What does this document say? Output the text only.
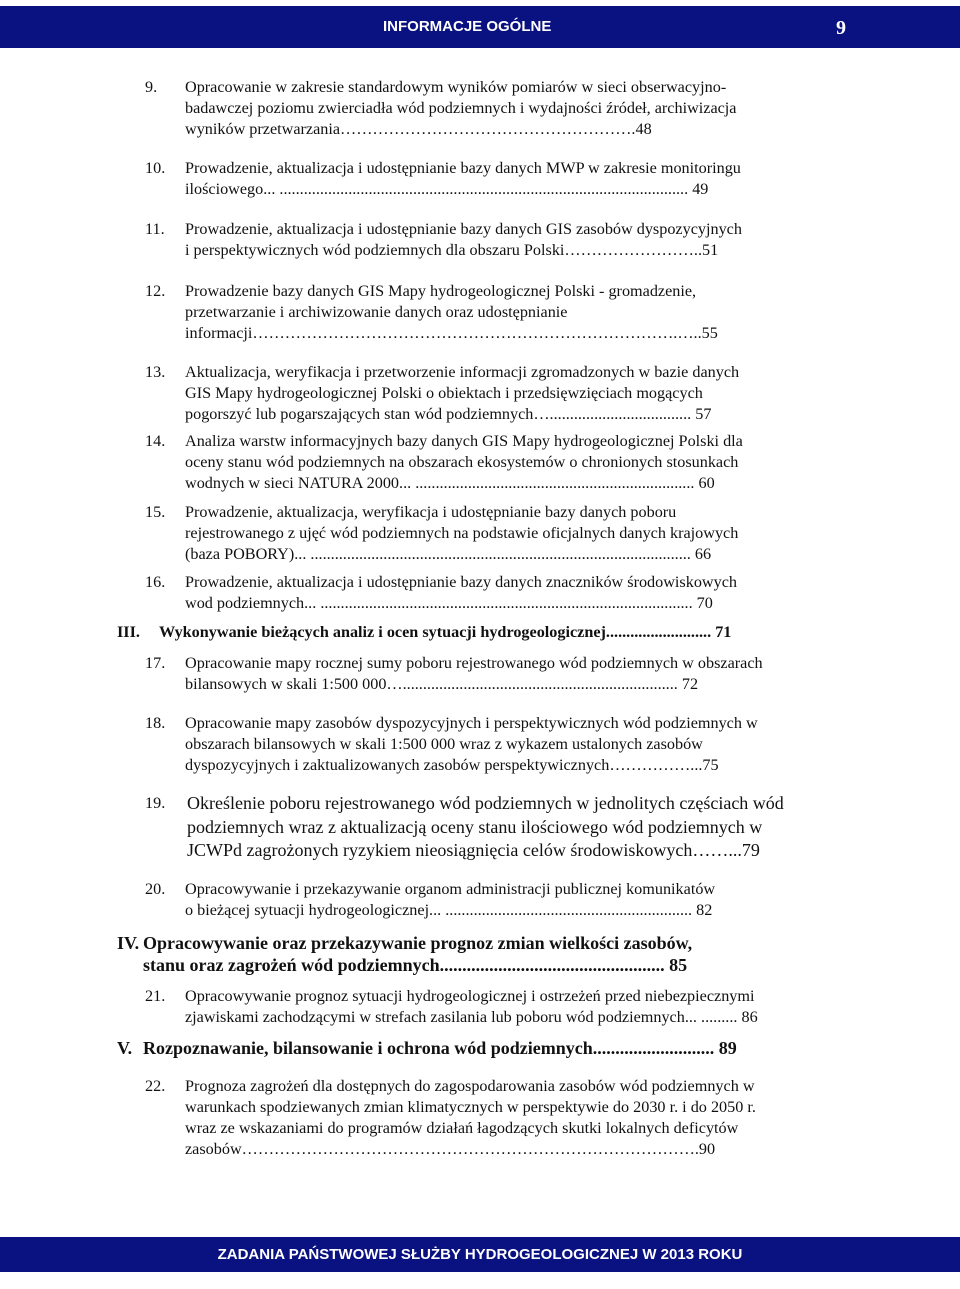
INFORMACJE OGÓLNE	9
9. Opracowanie w zakresie standardowym wyników pomiarów w sieci obserwacyjno-
badawczej poziomu zwierciadła wód podziemnych i wydajności źródeł, archiwizacja
wyników przetwarzania……………………………………………….48
10. Prowadzenie, aktualizacja i udostępnianie bazy danych MWP w zakresie monitoringu
ilościowego... ..................................................................................................... 49
11. Prowadzenie, aktualizacja i udostępnianie bazy danych GIS zasobów dyspozycyjnych
i perspektywicznych wód podziemnych dla obszaru Polski……………………..51
12. Prowadzenie bazy danych GIS Mapy hydrogeologicznej Polski - gromadzenie,
przetwarzanie i archiwizowanie danych oraz udostępnianie
informacji…………………………………………………………………….…..55
13. Aktualizacja, weryfikacja i przetworzenie informacji zgromadzonych w bazie danych
GIS Mapy hydrogeologicznej Polski o obiektach i przedsięwzięciach mogących
pogorszyć lub pogarszających stan wód podziemnych…................................... 57
14. Analiza warstw informacyjnych bazy danych GIS Mapy hydrogeologicznej Polski dla
oceny stanu wód podziemnych na obszarach ekosystemów o chronionych stosunkach
wodnych w sieci NATURA 2000... ..................................................................... 60
15. Prowadzenie, aktualizacja, weryfikacja i udostępnianie bazy danych poboru
rejestrowanego z ujęć wód podziemnych na podstawie oficjalnych danych krajowych
(baza POBORY)... .............................................................................................. 66
16. Prowadzenie, aktualizacja i udostępnianie bazy danych znaczników środowiskowych
wod podziemnych... ............................................................................................ 70
III. Wykonywanie bieżących analiz i ocen sytuacji hydrogeologicznej.......................... 71
17. Opracowanie mapy rocznej sumy poboru rejestrowanego wód podziemnych w obszarach
bilansowych w skali 1:500 000….................................................................... 72
18. Opracowanie mapy zasobów dyspozycyjnych i perspektywicznych wód podziemnych w
obszarach bilansowych w skali 1:500 000 wraz z wykazem ustalonych zasobów
dyspozycyjnych i zaktualizowanych zasobów perspektywicznych……………...75
19. Określenie poboru rejestrowanego wód podziemnych w jednolitych częściach wód
podziemnych wraz z aktualizacją oceny stanu ilościowego wód podziemnych w
JCWPd zagrożonych ryzykiem nieosiągnięcia celów środowiskowych……...79
20. Opracowywanie i przekazywanie organom administracji publicznej komunikatów
o bieżącej sytuacji hydrogeologicznej... ............................................................. 82
IV. Opracowywanie oraz przekazywanie prognoz zmian wielkości zasobów,
stanu oraz zagrożeń wód podziemnych.................................................. 85
21. Opracowywanie prognoz sytuacji hydrogeologicznej i ostrzeżeń przed niebezpiecznymi
zjawiskami zachodzącymi w strefach zasilania lub poboru wód podziemnych... ......... 86
V. Rozpoznawanie, bilansowanie i ochrona wód podziemnych........................... 89
22. Prognoza zagrożeń dla dostępnych do zagospodarowania zasobów wód podziemnych w
warunkach spodziewanych zmian klimatycznych w perspektywie do 2030 r. i do 2050 r.
wraz ze wskazaniami do programów działań łagodzących skutki lokalnych deficytów
zasobów………………………………………………………………………….90
ZADANIA PAŃSTWOWEJ SŁUŻBY HYDROGEOLOGICZNEJ W 2013 ROKU
